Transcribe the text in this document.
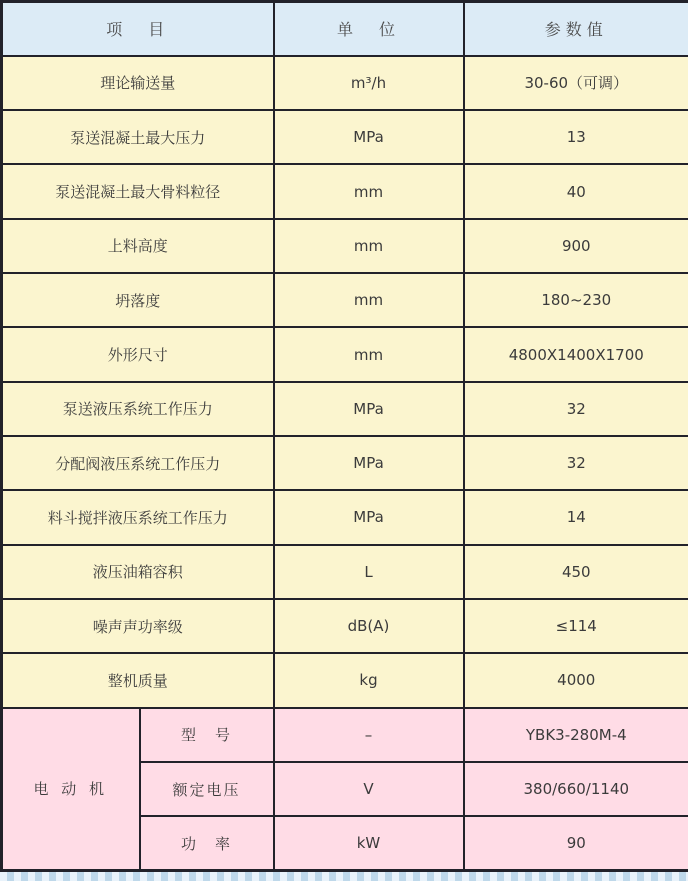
项　目		单　位	参数值
理论输送量		m³/h	30-60（可调）
泵送混凝土最大压力		MPa	13
泵送混凝土最大骨料粒径		mm	40
上料高度		mm	900
坍落度		mm	180~230
外形尺寸		mm	4800X1400X1700
泵送液压系统工作压力		MPa	32
分配阀液压系统工作压力		MPa	32
料斗搅拌液压系统工作压力		MPa	14
液压油箱容积		L	450
噪声声功率级		dB(A)	≤114
整机质量		kg	4000
电 动 机	型　号	–	YBK3-280M-4
	额定电压	V	380/660/1140
	功　率	kW	90
